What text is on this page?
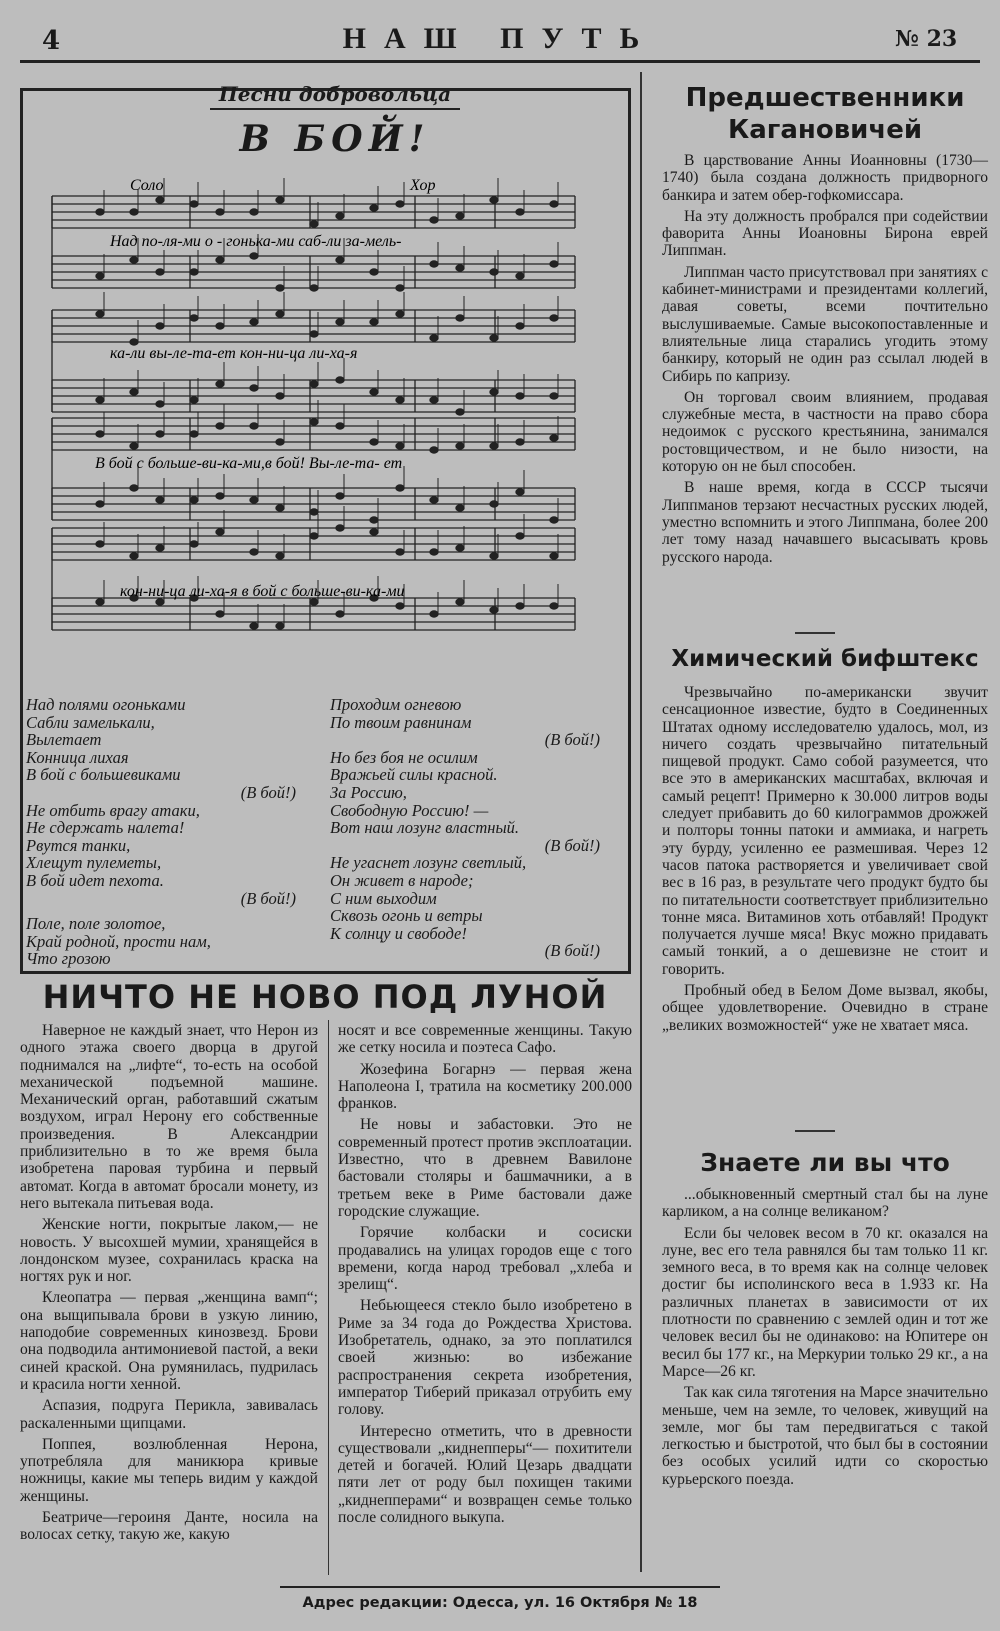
4	НАШ ПУТЬ	№ 23
Песни добровольца
В БОЙ!
Соло	Хор
Над по-ля-ми о - гонька-ми саб-ли за-мель-
ка-ли вы-ле-та-ет кон-ни-ца ли-ха-я
В бой с больше-ви-ка-ми,в бой! Вы-ле-та- ет
кон-ни-ца ли-ха-я в бой с больше-ви-ка-ми
Над полями огоньками
Сабли замелькали,
Вылетает
Конница лихая
В бой с большевиками
(В бой!)
Не отбить врагу атаки,
Не сдержать налета!
Рвутся танки,
Хлещут пулеметы,
В бой идет пехота.
(В бой!)
Поле, поле золотое,
Край родной, прости нам,
Что грозою
Проходим огневою
По твоим равнинам
(В бой!)
Но без боя не осилим
Вражьей силы красной.
За Россию,
Свободную Россию! —
Вот наш лозунг властный.
(В бой!)
Не угаснет лозунг светлый,
Он живет в народе;
С ним выходим
Сквозь огонь и ветры
К солнцу и свободе!
(В бой!)
Предшественники
Кагановичей

В царствование Анны Иоанновны (1730—1740) была создана должность придворного банкира и затем обер-гофкомиссара.

На эту должность пробрался при содействии фаворита Анны Иоановны Бирона еврей Липпман.

Липпман часто присутствовал при занятиях с кабинет-министрами и президентами коллегий, давая советы, всеми почтительно выслушиваемые. Самые высокопоставленные и влиятельные лица старались угодить этому банкиру, который не один раз ссылал людей в Сибирь по капризу.

Он торговал своим влиянием, продавая служебные места, в частности на право сбора недоимок с русского крестьянина, занимался ростовщичеством, и не было низости, на которую он не был способен.

В наше время, когда в СССР тысячи Липпманов терзают несчастных русских людей, уместно вспомнить и этого Липпмана, более 200 лет тому назад начавшего высасывать кровь русского народа.

Химический бифштекс

Чрезвычайно по-американски звучит сенсационное известие, будто в Соединенных Штатах одному исследователю удалось, мол, из ничего создать чрезвычайно питательный пищевой продукт. Само собой разумеется, что все это в американских масштабах, включая и самый рецепт! Примерно к 30.000 литров воды следует прибавить до 60 килограммов дрожжей и полторы тонны патоки и аммиака, и нагреть эту бурду, усиленно ее размешивая. Через 12 часов патока растворяется и увеличивает свой вес в 16 раз, в результате чего продукт будто бы по питательности соответствует приблизительно тонне мяса. Витаминов хоть отбавляй! Продукт получается лучше мяса! Вкус можно придавать самый тонкий, а о дешевизне не стоит и говорить.

Пробный обед в Белом Доме вызвал, якобы, общее удовлетворение. Очевидно в стране „великих возможностей“ уже не хватает мяса.

Знаете ли вы что

...обыкновенный смертный стал бы на луне карликом, а на солнце великаном?

Если бы человек весом в 70 кг. оказался на луне, вес его тела равнялся бы там только 11 кг. земного веса, в то время как на солнце человек достиг бы исполинского веса в 1.933 кг. На различных планетах в зависимости от их плотности по сравнению с землей один и тот же человек весил бы не одинаково: на Юпитере он весил бы 177 кг., на Меркурии только 29 кг., а на Марсе—26 кг.

Так как сила тяготения на Марсе значительно меньше, чем на земле, то человек, живущий на земле, мог бы там передвигаться с такой легкостью и быстротой, что был бы в состоянии без особых усилий идти со скоростью курьерского поезда.

НИЧТО НЕ НОВО ПОД ЛУНОЙ

Наверное не каждый знает, что Нерон из одного этажа своего дворца в другой поднимался на „лифте“, то-есть на особой механической подъемной машине. Механический орган, работавший сжатым воздухом, играл Нерону его собственные произведения. В Александрии приблизительно в то же время была изобретена паровая турбина и первый автомат. Когда в автомат бросали монету, из него вытекала питьевая вода.

Женские ногти, покрытые лаком,— не новость. У высохшей мумии, хранящейся в лондонском музее, сохранилась краска на ногтях рук и ног.

Клеопатра — первая „женщина вамп“; она выщипывала брови в узкую линию, наподобие современных кинозвезд. Брови она подводила антимониевой пастой, а веки синей краской. Она румянилась, пудрилась и красила ногти хенной.

Аспазия, подруга Перикла, завивалась раскаленными щипцами.

Поппея, возлюбленная Нерона, употребляла для маникюра кривые ножницы, какие мы теперь видим у каждой женщины.

Беатриче—героиня Данте, носила на волосах сетку, такую же, какую

носят и все современные женщины. Такую же сетку носила и поэтеса Сафо.

Жозефина Богарнэ — первая жена Наполеона I, тратила на косметику 200.000 франков.

Не новы и забастовки. Это не современный протест против эксплоатации. Известно, что в древнем Вавилоне бастовали столяры и башмачники, а в третьем веке в Риме бастовали даже городские служащие.

Горячие колбаски и сосиски продавались на улицах городов еще с того времени, когда народ требовал „хлеба и зрелищ“.

Небьющееся стекло было изобретено в Риме за 34 года до Рождества Христова. Изобретатель, однако, за это поплатился своей жизнью: во избежание распространения секрета изобретения, император Тиберий приказал отрубить ему голову.

Интересно отметить, что в древности существовали „киднепперы“— похитители детей и богачей. Юлий Цезарь двадцати пяти лет от роду был похищен такими „киднепперами“ и возвращен семье только после солидного выкупа.

Адрес редакции: Одесса, ул. 16 Октября № 18
